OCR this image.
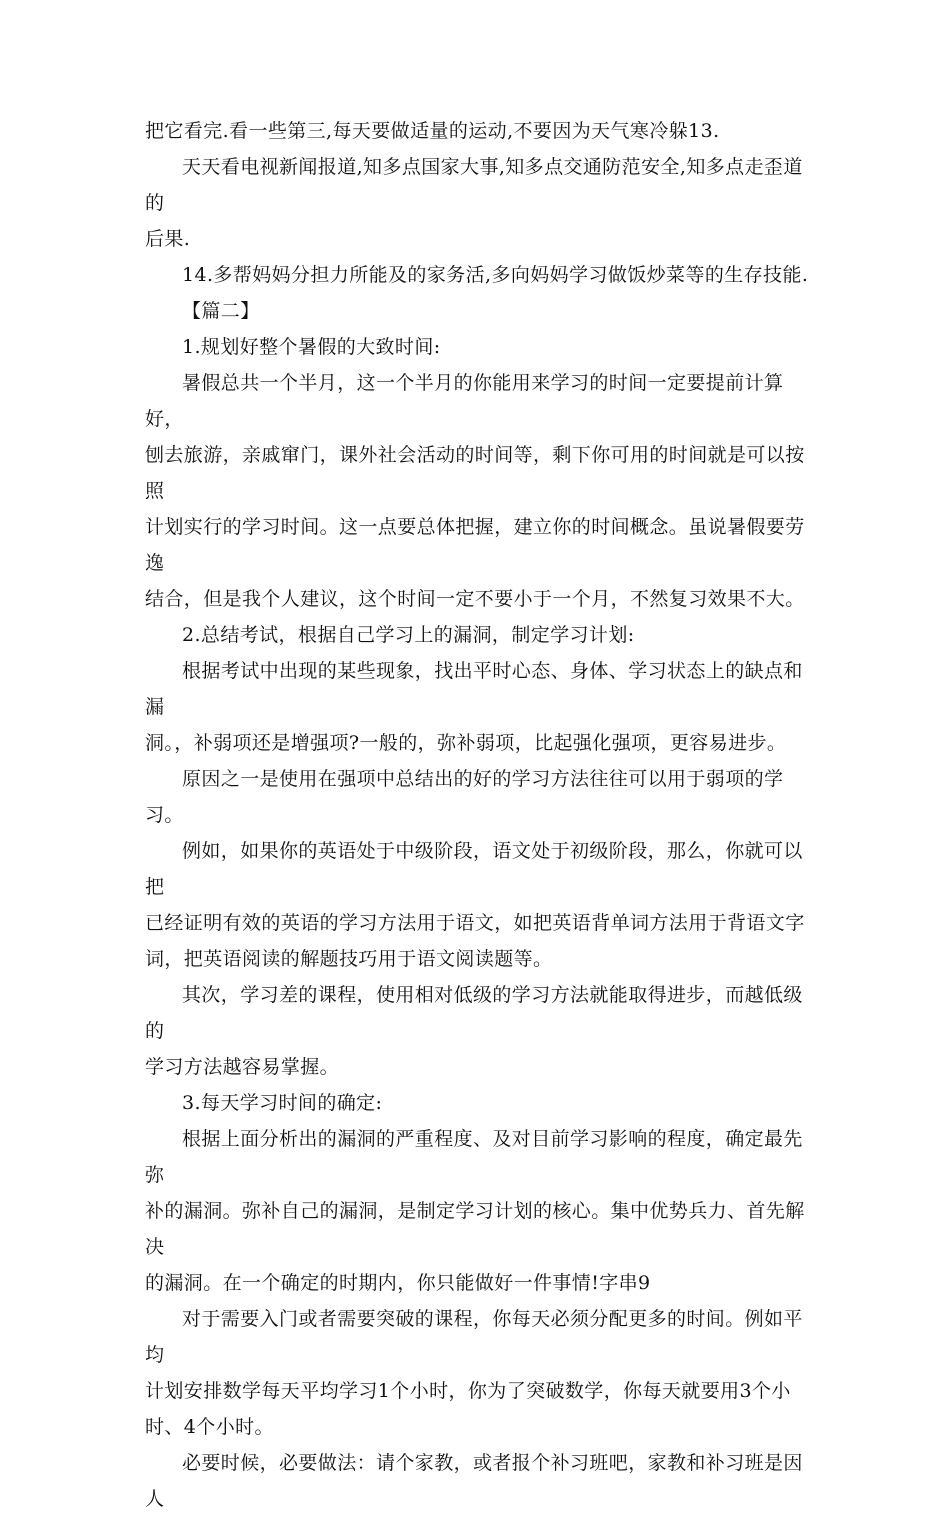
把它看完.看一些第三,每天要做适量的运动,不要因为天气寒冷躲13.

天天看电视新闻报道,知多点国家大事,知多点交通防范安全,知多点走歪道的
后果.

14.多帮妈妈分担力所能及的家务活,多向妈妈学习做饭炒菜等的生存技能.

【篇二】

1.规划好整个暑假的大致时间:

暑假总共一个半月，这一个半月的你能用来学习的时间一定要提前计算好，
刨去旅游，亲戚窜门，课外社会活动的时间等，剩下你可用的时间就是可以按照
计划实行的学习时间。这一点要总体把握，建立你的时间概念。虽说暑假要劳逸
结合，但是我个人建议，这个时间一定不要小于一个月，不然复习效果不大。

2.总结考试，根据自己学习上的漏洞，制定学习计划:

根据考试中出现的某些现象，找出平时心态、身体、学习状态上的缺点和漏
洞。，补弱项还是增强项?一般的，弥补弱项，比起强化强项，更容易进步。

原因之一是使用在强项中总结出的好的学习方法往往可以用于弱项的学习。

例如，如果你的英语处于中级阶段，语文处于初级阶段，那么，你就可以把
已经证明有效的英语的学习方法用于语文，如把英语背单词方法用于背语文字
词，把英语阅读的解题技巧用于语文阅读题等。

其次，学习差的课程，使用相对低级的学习方法就能取得进步，而越低级的
学习方法越容易掌握。

3.每天学习时间的确定:

根据上面分析出的漏洞的严重程度、及对目前学习影响的程度，确定最先弥
补的漏洞。弥补自己的漏洞，是制定学习计划的核心。集中优势兵力、首先解决
的漏洞。在一个确定的时期内，你只能做好一件事情!字串9

对于需要入门或者需要突破的课程，你每天必须分配更多的时间。例如平均
计划安排数学每天平均学习1个小时，你为了突破数学，你每天就要用3个小
时、4个小时。

必要时候，必要做法：请个家教，或者报个补习班吧，家教和补习班是因人
